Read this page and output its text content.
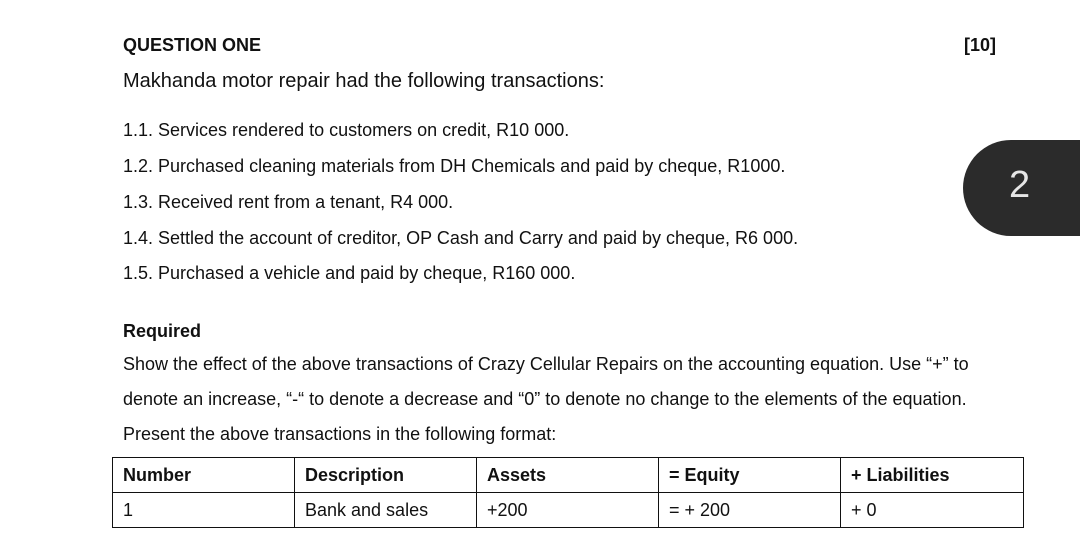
QUESTION ONE	[10]
Makhanda motor repair had the following transactions:
1.1. Services rendered to customers on credit, R10 000.
1.2. Purchased cleaning materials from DH Chemicals and paid by cheque, R1000.
1.3. Received rent from a tenant, R4 000.
1.4. Settled the account of creditor, OP Cash and Carry and paid by cheque, R6 000.
1.5. Purchased a vehicle and paid by cheque, R160 000.
2
Required
Show the effect of the above transactions of Crazy Cellular Repairs on the accounting equation. Use “+” to denote an increase, “-“ to denote a decrease and “0” to denote no change to the elements of the equation. Present the above transactions in the following format:
Number	Description	Assets	= Equity	+ Liabilities
1	Bank and sales	+200	= + 200	+ 0
